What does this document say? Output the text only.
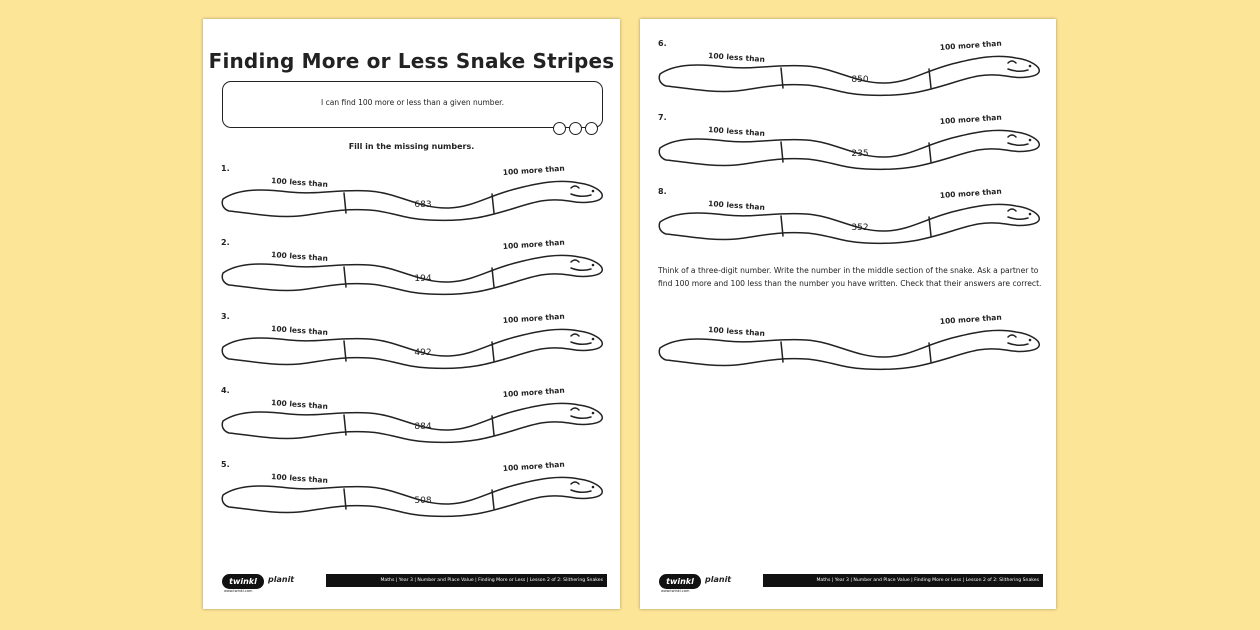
Finding More or Less Snake Stripes
I can find 100 more or less than a given number.
Fill in the missing numbers.
1.
100 less than
100 more than
683
2.
100 less than
100 more than
194
3.
100 less than
100 more than
492
4.
100 less than
100 more than
884
5.
100 less than
100 more than
508
twinkl	planit
www.twinkl.com
Maths | Year 3 | Number and Place Value | Finding More or Less | Lesson 2 of 2: Slithering Snakes
6.
100 less than
100 more than
850
7.
100 less than
100 more than
235
8.
100 less than
100 more than
352
Think of a three-digit number. Write the number in the middle section of the snake. Ask a partner to find 100 more and 100 less than the number you have written. Check that their answers are correct.
100 less than
100 more than
twinkl	planit
www.twinkl.com
Maths | Year 3 | Number and Place Value | Finding More or Less | Lesson 2 of 2: Slithering Snakes
